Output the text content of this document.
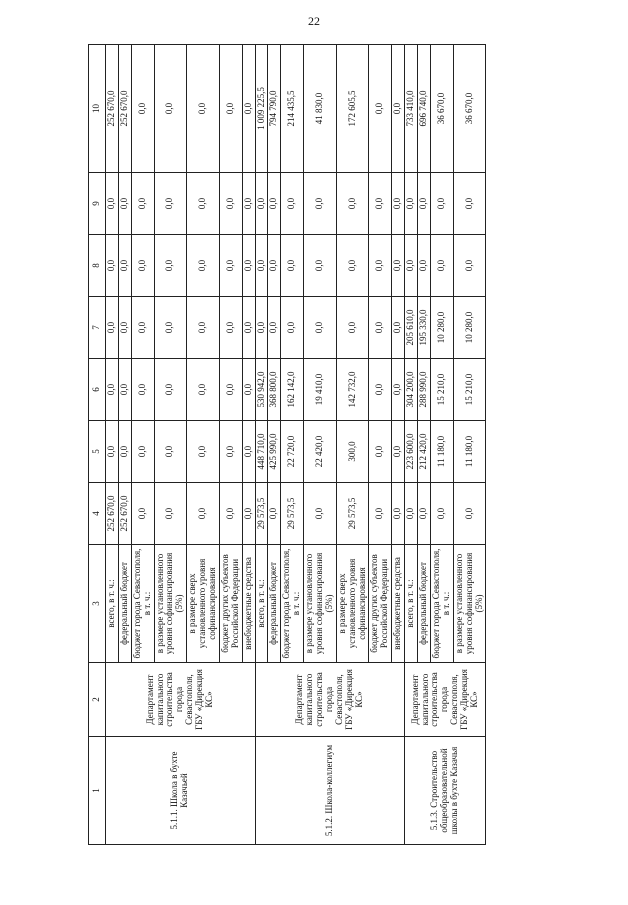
22
1	2	3	4	5	6	7	8	9	10
5.1.1. Школа в бухте Казачьей	Департамент капитального строительства города Севастополя, ГБУ «Дирекция КС»	всего, в т. ч.:	252 670,0	0,0	0,0	0,0	0,0	0,0	252 670,0
		федеральный бюджет	252 670,0	0,0	0,0	0,0	0,0	0,0	252 670,0
		бюджет города Севастополя, в т. ч.:	0,0	0,0	0,0	0,0	0,0	0,0	0,0
		в размере установленного уровня софинансирования (5%)	0,0	0,0	0,0	0,0	0,0	0,0	0,0
		в размере сверх установленного уровня софинансирования	0,0	0,0	0,0	0,0	0,0	0,0	0,0
		бюджет других субъектов Российской Федерации	0,0	0,0	0,0	0,0	0,0	0,0	0,0
		внебюджетные средства	0,0	0,0	0,0	0,0	0,0	0,0	0,0
5.1.2. Школа-коллегиум	Департамент капитального строительства города Севастополя, ГБУ «Дирекция КС»	всего, в т. ч.:	29 573,5	448 710,0	530 942,0	0,0	0,0	0,0	1 009 225,5
		федеральный бюджет	0,0	425 990,0	368 800,0	0,0	0,0	0,0	794 790,0
		бюджет города Севастополя, в т. ч.:	29 573,5	22 720,0	162 142,0	0,0	0,0	0,0	214 435,5
		в размере установленного уровня софинансирования (5%)	0,0	22 420,0	19 410,0	0,0	0,0	0,0	41 830,0
		в размере сверх установленного уровня софинансирования	29 573,5	300,0	142 732,0	0,0	0,0	0,0	172 605,5
		бюджет других субъектов Российской Федерации	0,0	0,0	0,0	0,0	0,0	0,0	0,0
		внебюджетные средства	0,0	0,0	0,0	0,0	0,0	0,0	0,0
5.1.3. Строительство общеобразовательной школы в бухте Казачья	Департамент капитального строительства города Севастополя, ГБУ «Дирекция КС»	всего, в т. ч.:	0,0	223 600,0	304 200,0	205 610,0	0,0	0,0	733 410,0
		федеральный бюджет	0,0	212 420,0	288 990,0	195 330,0	0,0	0,0	696 740,0
		бюджет города Севастополя, в т. ч.:	0,0	11 180,0	15 210,0	10 280,0	0,0	0,0	36 670,0
		в размере установленного уровня софинансирования (5%)	0,0	11 180,0	15 210,0	10 280,0	0,0	0,0	36 670,0
